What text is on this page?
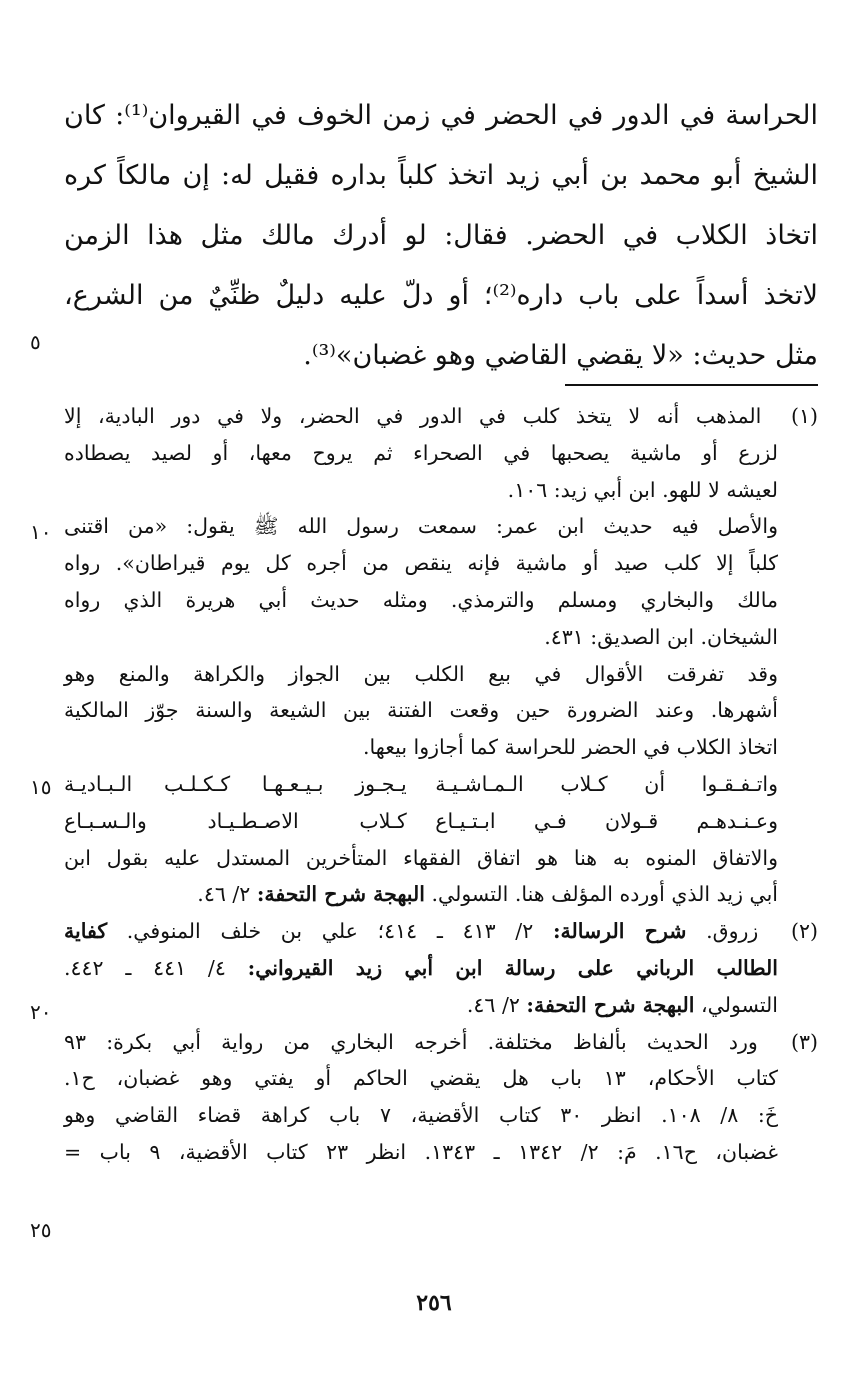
الحراسة في الدور في الحضر في زمن الخوف في القيروان⁽¹⁾: كان
الشيخ أبو محمد بن أبي زيد اتخذ كلباً بداره فقيل له: إن مالكاً كره
اتخاذ الكلاب في الحضر. فقال: لو أدرك مالك مثل هذا الزمن
لاتخذ أسداً على باب داره⁽²⁾؛ أو دلّ عليه دليلٌ ظنِّيٌ من الشرع،
مثل حديث: «لا يقضي القاضي وهو غضبان»⁽³⁾.
٥
(١) المذهب أنه لا يتخذ كلب في الدور في الحضر، ولا في دور البادية، إلا
لزرع أو ماشية يصحبها في الصحراء ثم يروح معها، أو لصيد يصطاده
لعيشه لا للهو. ابن أبي زيد: ١٠٦.
والأصل فيه حديث ابن عمر: سمعت رسول الله ﷺ يقول: «من اقتنى
كلباً إلا كلب صيد أو ماشية فإنه ينقص من أجره كل يوم قيراطان». رواه
مالك والبخاري ومسلم والترمذي. ومثله حديث أبي هريرة الذي رواه
الشيخان. ابن الصديق: ٤٣١.
وقد تفرقت الأقوال في بيع الكلب بين الجواز والكراهة والمنع وهو
أشهرها. وعند الضرورة حين وقعت الفتنة بين الشيعة والسنة جوّز المالكية
اتخاذ الكلاب في الحضر للحراسة كما أجازوا بيعها.
واتـفـقـوا أن كـلاب الـمـاشـيـة
يـجـوز بـيـعـهـا كـكـلـب الـبـاديـة
وعـنـدهـم قـولان فـي ابـتـيـاع
كـلاب الاصـطـيـاد والـسـبـاع
والاتفاق المنوه به هنا هو اتفاق الفقهاء المتأخرين المستدل عليه بقول ابن
أبي زيد الذي أورده المؤلف هنا. التسولي. البهجة شرح التحفة: ٢/ ٤٦.
(٢) زروق. شرح الرسالة: ٢/ ٤١٣ ـ ٤١٤؛ علي بن خلف المنوفي. كفاية
الطالب الرباني على رسالة ابن أبي زيد القيرواني: ٤/ ٤٤١ ـ ٤٤٢.
التسولي، البهجة شرح التحفة: ٢/ ٤٦.
(٣) ورد الحديث بألفاظ مختلفة. أخرجه البخاري من رواية أبي بكرة: ٩٣
كتاب الأحكام، ١٣ باب هل يقضي الحاكم أو يفتي وهو غضبان، ح١.
خَ: ٨/ ١٠٨. انظر ٣٠ كتاب الأقضية، ٧ باب كراهة قضاء القاضي وهو
غضبان، ح١٦. مَ: ٢/ ١٣٤٢ ـ ١٣٤٣. انظر ٢٣ كتاب الأقضية، ٩ باب =
١٠
١٥
٢٠
٢٥
٢٥٦
